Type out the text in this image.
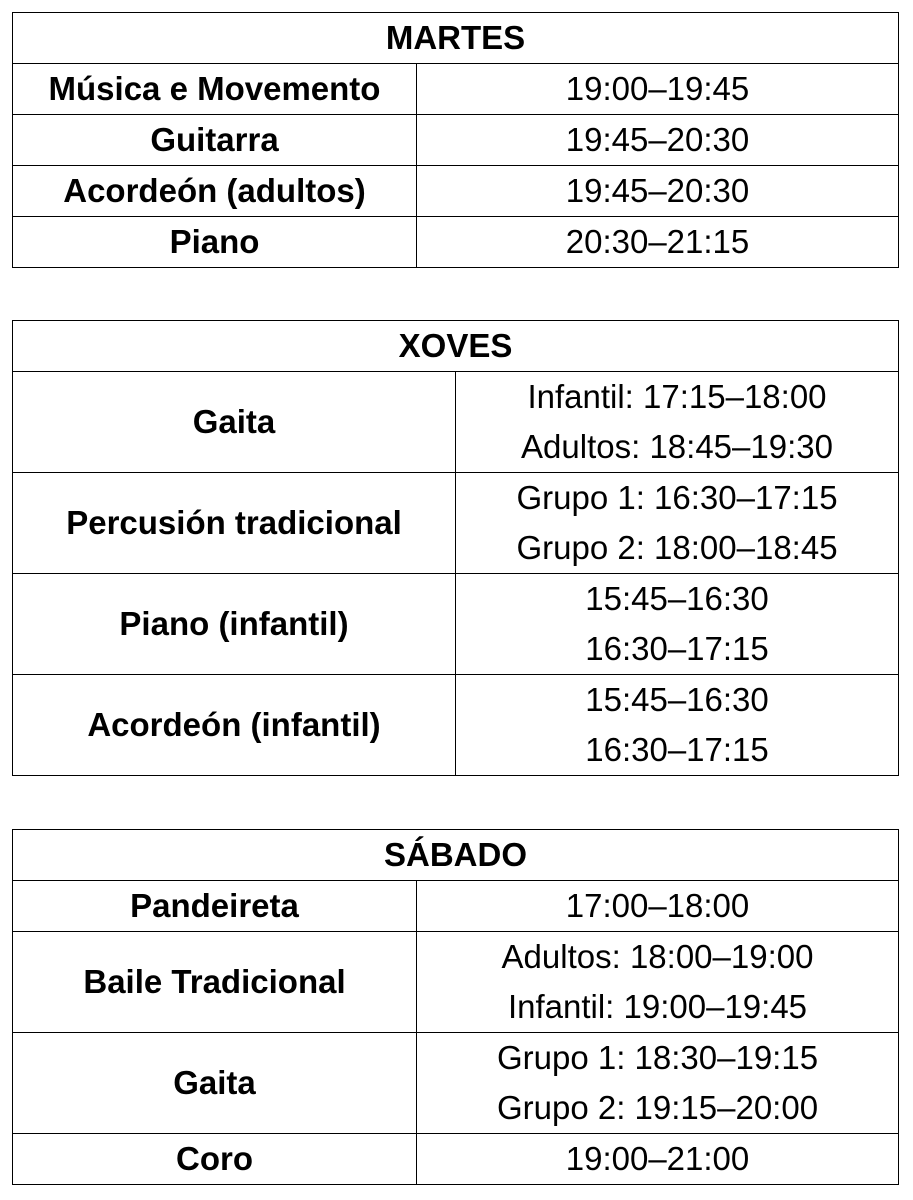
MARTES	
Música e Movemento	19:00–19:45
Guitarra	19:45–20:30
Acordeón (adultos)	19:45–20:30
Piano	20:30–21:15
XOVES	
Gaita	Infantil: 17:15–18:00
Adultos: 18:45–19:30

Percusión tradicional	Grupo 1: 16:30–17:15
Grupo 2: 18:00–18:45

Piano (infantil)	15:45–16:30
16:30–17:15

Acordeón (infantil)	15:45–16:30
16:30–17:15
SÁBADO	
Pandeireta	17:00–18:00
Baile Tradicional	Adultos: 18:00–19:00
Infantil: 19:00–19:45

Gaita	Grupo 1: 18:30–19:15
Grupo 2: 19:15–20:00

Coro	19:00–21:00
